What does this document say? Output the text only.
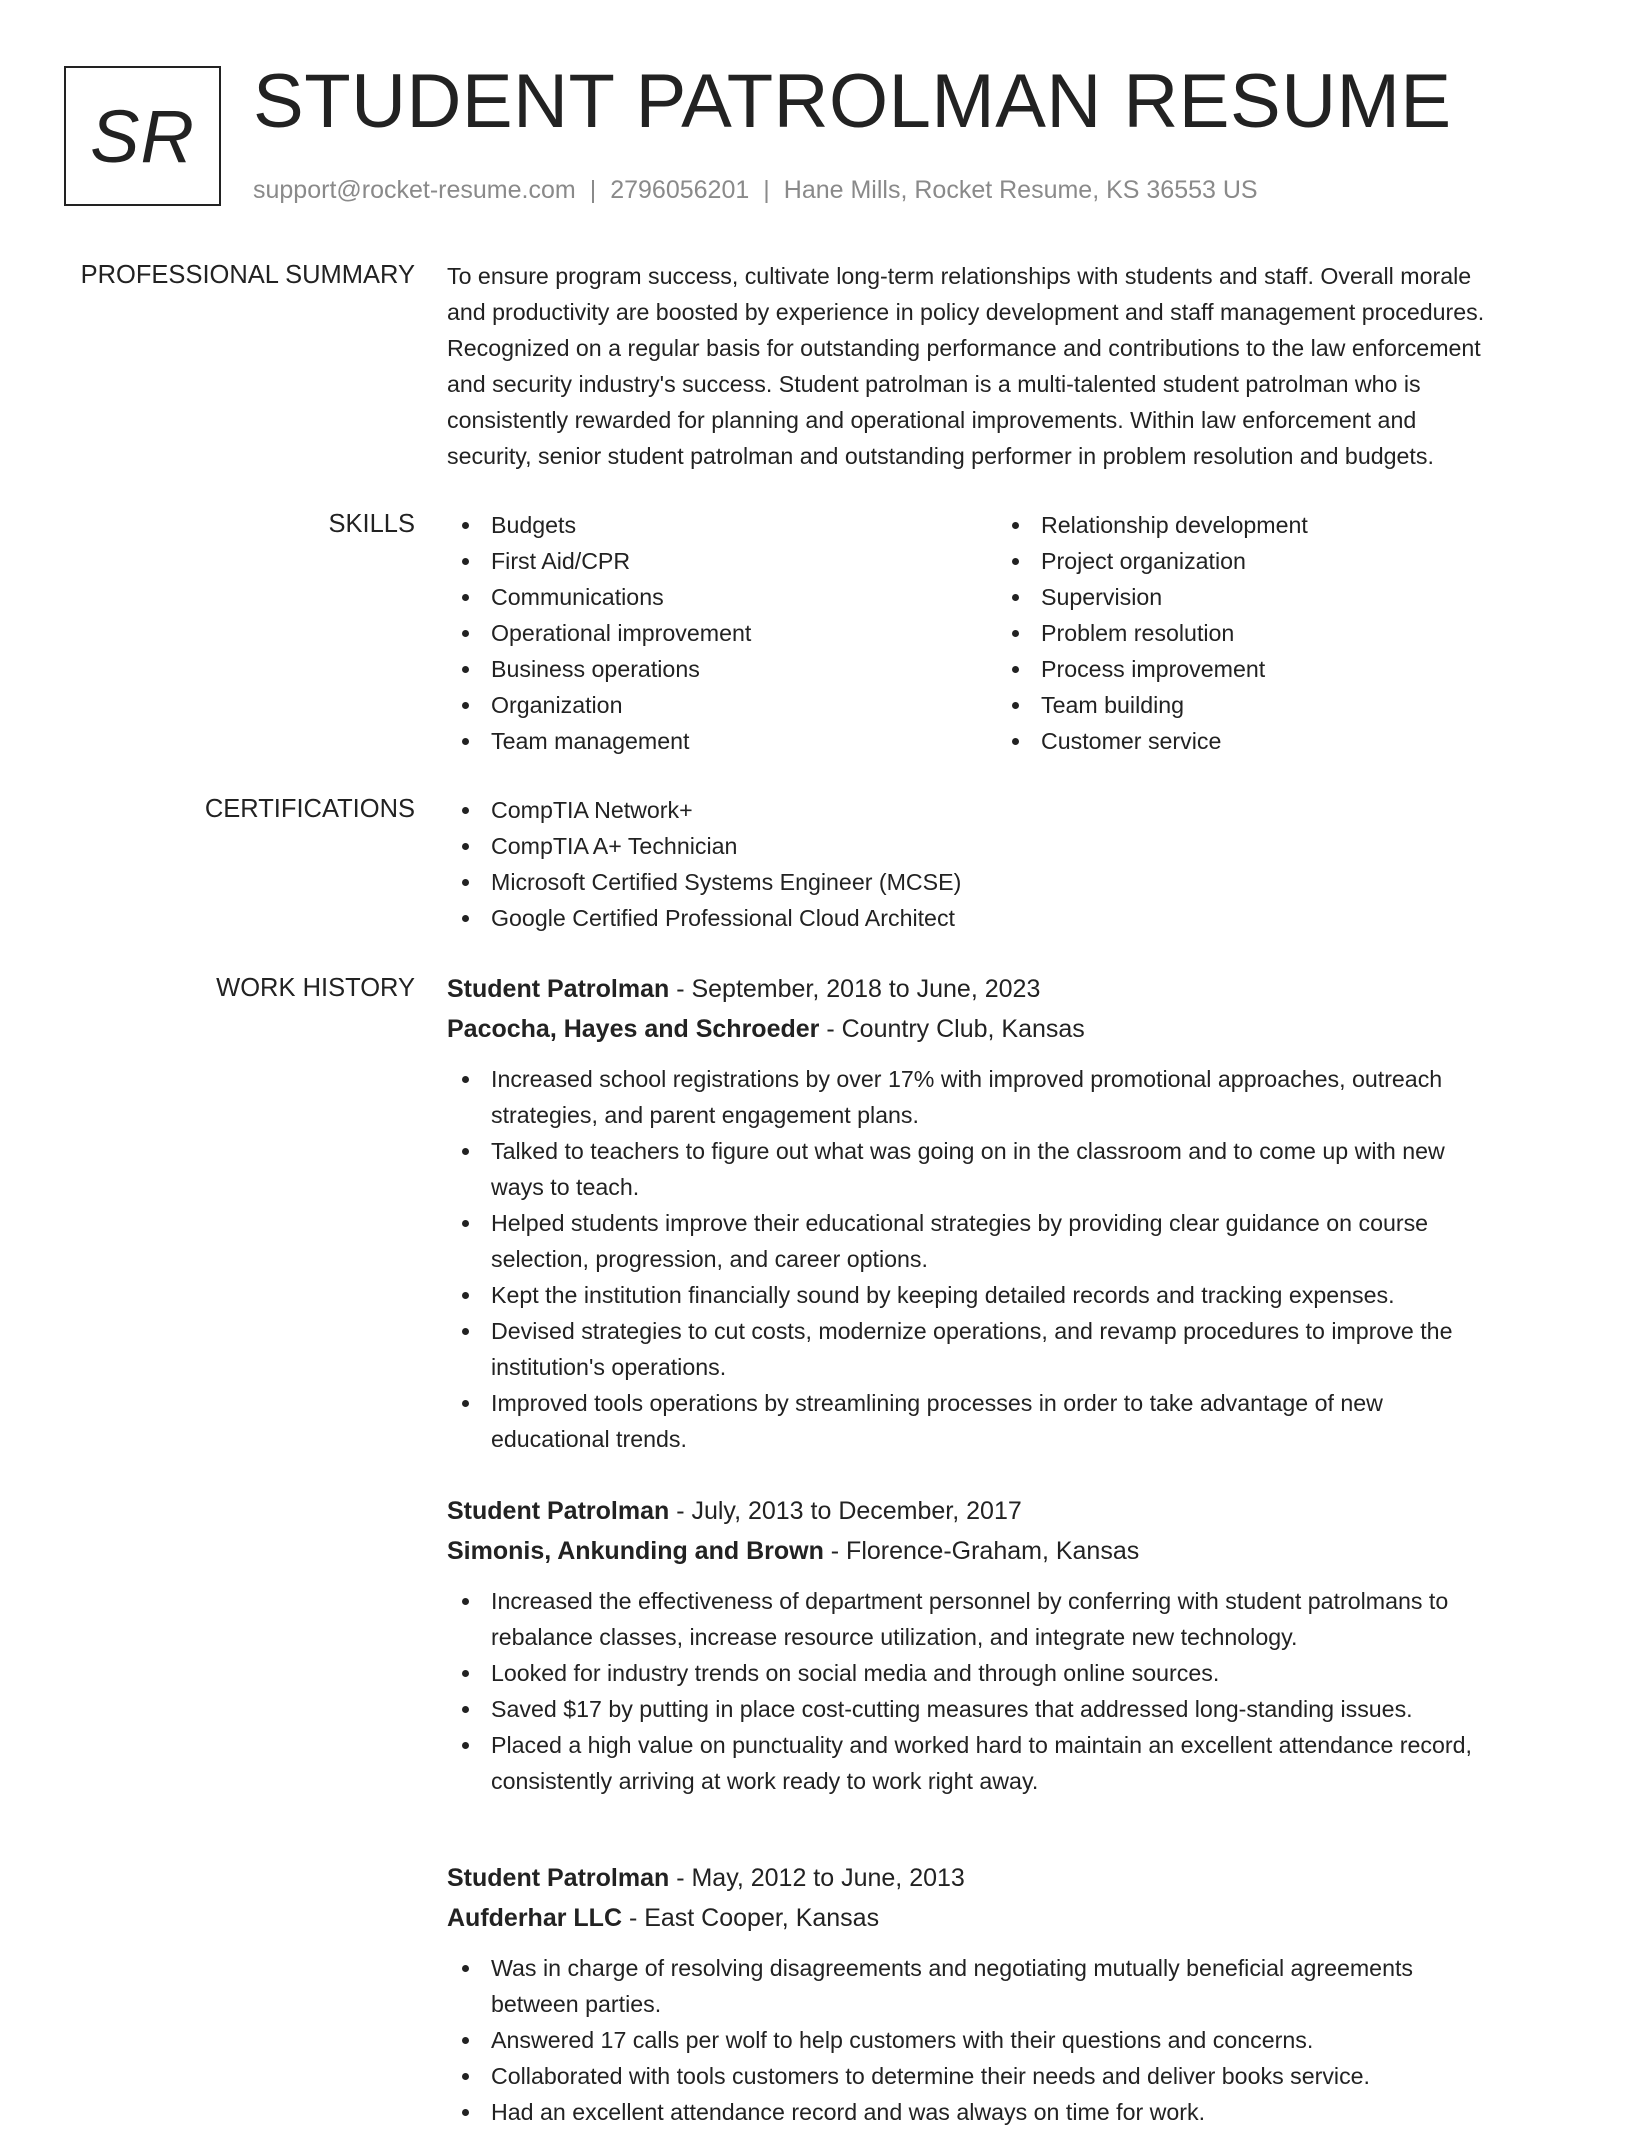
SR STUDENT PATROLMAN RESUME
support@rocket-resume.com | 2796056201 | Hane Mills, Rocket Resume, KS 36553 US
PROFESSIONAL SUMMARY To ensure program success, cultivate long-term relationships with students and staff. Overall morale
and productivity are boosted by experience in policy development and staff management procedures.
Recognized on a regular basis for outstanding performance and contributions to the law enforcement
and security industry's success. Student patrolman is a multi-talented student patrolman who is
consistently rewarded for planning and operational improvements. Within law enforcement and
security, senior student patrolman and outstanding performer in problem resolution and budgets.
SKILLS	Budgets
First Aid/CPR
Communications
Operational improvement
Business operations
Organization
Team management
Relationship development
Project organization
Supervision
Problem resolution
Process improvement
Team building
Customer service
CERTIFICATIONS	CompTIA Network+
CompTIA A+ Technician
Microsoft Certified Systems Engineer (MCSE)
Google Certified Professional Cloud Architect
WORK HISTORY Student Patrolman - September, 2018 to June, 2023

Pacocha, Hayes and Schroeder - Country Club, Kansas

Increased school registrations by over 17% with improved promotional approaches, outreach
strategies, and parent engagement plans.
Talked to teachers to figure out what was going on in the classroom and to come up with new
ways to teach.
Helped students improve their educational strategies by providing clear guidance on course
selection, progression, and career options.
Kept the institution financially sound by keeping detailed records and tracking expenses.
Devised strategies to cut costs, modernize operations, and revamp procedures to improve the
institution's operations.
Improved tools operations by streamlining processes in order to take advantage of new
educational trends.

Student Patrolman - July, 2013 to December, 2017

Simonis, Ankunding and Brown - Florence-Graham, Kansas

Increased the effectiveness of department personnel by conferring with student patrolmans to
rebalance classes, increase resource utilization, and integrate new technology.
Looked for industry trends on social media and through online sources.
Saved $17 by putting in place cost-cutting measures that addressed long-standing issues.
Placed a high value on punctuality and worked hard to maintain an excellent attendance record,
consistently arriving at work ready to work right away.

Student Patrolman - May, 2012 to June, 2013

Aufderhar LLC - East Cooper, Kansas

Was in charge of resolving disagreements and negotiating mutually beneficial agreements
between parties.
Answered 17 calls per wolf to help customers with their questions and concerns.
Collaborated with tools customers to determine their needs and deliver books service.
Had an excellent attendance record and was always on time for work.
